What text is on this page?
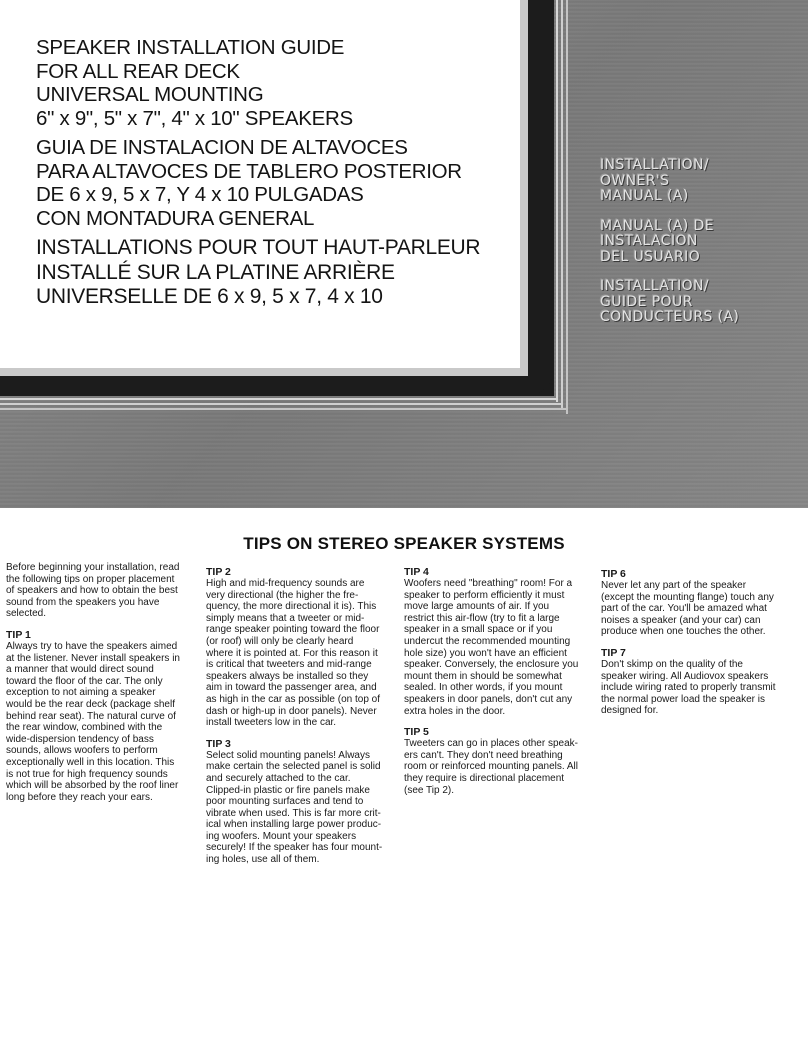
SPEAKER INSTALLATION GUIDE
FOR ALL REAR DECK
UNIVERSAL MOUNTING
6" x 9", 5" x 7", 4" x 10" SPEAKERS
GUIA DE INSTALACION DE ALTAVOCES
PARA ALTAVOCES DE TABLERO POSTERIOR
DE 6 x 9, 5 x 7, Y 4 x 10 PULGADAS
CON MONTADURA GENERAL
INSTALLATIONS POUR TOUT HAUT-PARLEUR
INSTALLÉ SUR LA PLATINE ARRIÈRE
UNIVERSELLE DE 6 x 9, 5 x 7, 4 x 10
INSTALLATION/
OWNER'S
MANUAL (A)
MANUAL (A) DE
INSTALACION
DEL USUARIO
INSTALLATION/
GUIDE POUR
CONDUCTEURS (A)
TIPS ON STEREO SPEAKER SYSTEMS
Before beginning your installation, read
the following tips on proper placement
of speakers and how to obtain the best
sound from the speakers you have
selected.
TIP 1
Always try to have the speakers aimed
at the listener. Never install speakers in
a manner that would direct sound
toward the floor of the car. The only
exception to not aiming a speaker
would be the rear deck (package shelf
behind rear seat). The natural curve of
the rear window, combined with the
wide-dispersion tendency of bass
sounds, allows woofers to perform
exceptionally well in this location. This
is not true for high frequency sounds
which will be absorbed by the roof liner
long before they reach your ears.
TIP 2
High and mid-frequency sounds are
very directional (the higher the fre-
quency, the more directional it is). This
simply means that a tweeter or mid-
range speaker pointing toward the floor
(or roof) will only be clearly heard
where it is pointed at. For this reason it
is critical that tweeters and mid-range
speakers always be installed so they
aim in toward the passenger area, and
as high in the car as possible (on top of
dash or high-up in door panels). Never
install tweeters low in the car.
TIP 3
Select solid mounting panels! Always
make certain the selected panel is solid
and securely attached to the car.
Clipped-in plastic or fire panels make
poor mounting surfaces and tend to
vibrate when used. This is far more crit-
ical when installing large power produc-
ing woofers. Mount your speakers
securely! If the speaker has four mount-
ing holes, use all of them.
TIP 4
Woofers need "breathing" room! For a
speaker to perform efficiently it must
move large amounts of air. If you
restrict this air-flow (try to fit a large
speaker in a small space or if you
undercut the recommended mounting
hole size) you won't have an efficient
speaker. Conversely, the enclosure you
mount them in should be somewhat
sealed. In other words, if you mount
speakers in door panels, don't cut any
extra holes in the door.
TIP 5
Tweeters can go in places other speak-
ers can't. They don't need breathing
room or reinforced mounting panels. All
they require is directional placement
(see Tip 2).
TIP 6
Never let any part of the speaker
(except the mounting flange) touch any
part of the car. You'll be amazed what
noises a speaker (and your car) can
produce when one touches the other.
TIP 7
Don't skimp on the quality of the
speaker wiring. All Audiovox speakers
include wiring rated to properly transmit
the normal power load the speaker is
designed for.
